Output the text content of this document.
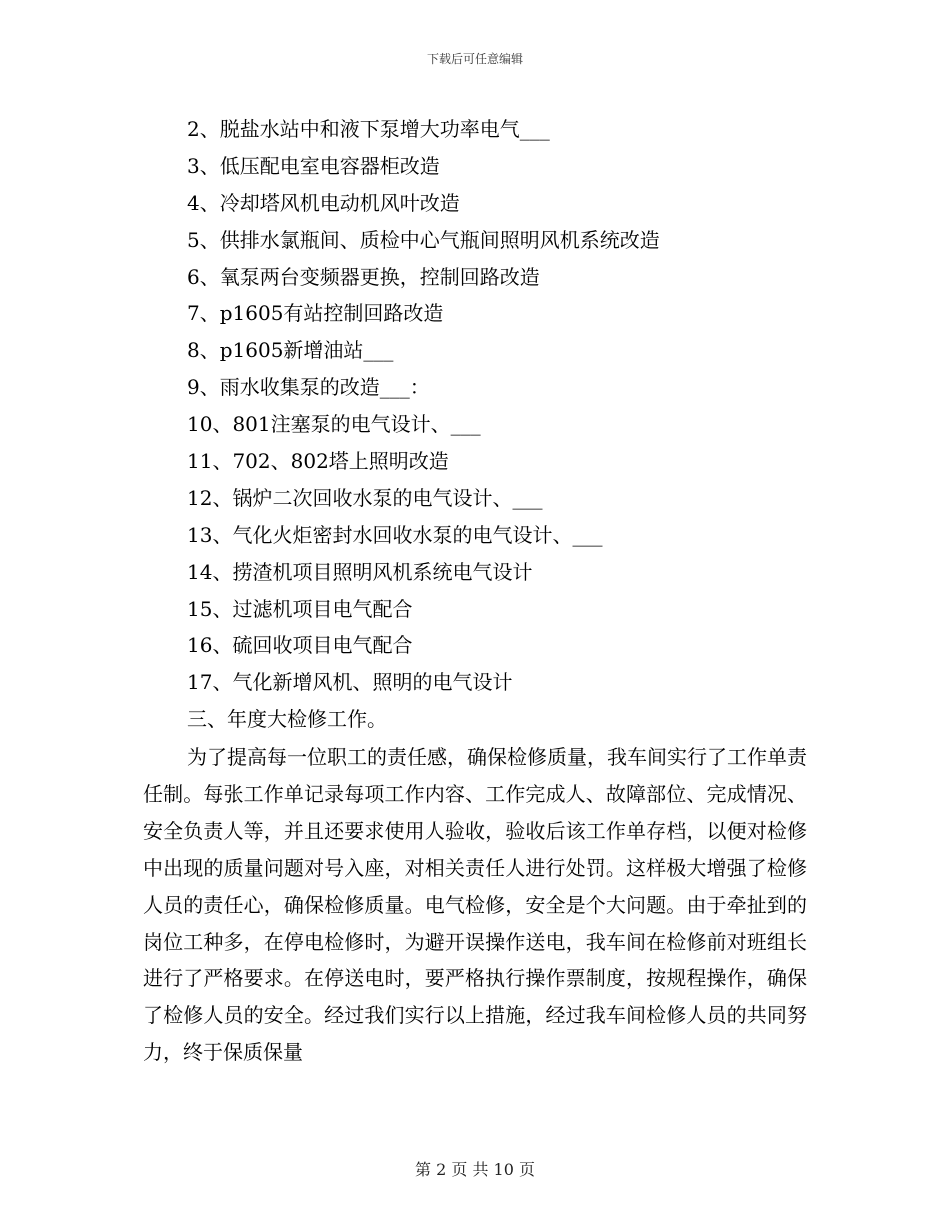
下载后可任意编辑
2、脱盐水站中和液下泵增大功率电气___
3、低压配电室电容器柜改造
4、冷却塔风机电动机风叶改造
5、供排水氯瓶间、质检中心气瓶间照明风机系统改造
6、氧泵两台变频器更换，控制回路改造
7、p1605有站控制回路改造
8、p1605新增油站___
9、雨水收集泵的改造___：
10、801注塞泵的电气设计、___
11、702、802塔上照明改造
12、锅炉二次回收水泵的电气设计、___
13、气化火炬密封水回收水泵的电气设计、___
14、捞渣机项目照明风机系统电气设计
15、过滤机项目电气配合
16、硫回收项目电气配合
17、气化新增风机、照明的电气设计
三、年度大检修工作。
为了提高每一位职工的责任感，确保检修质量，我车间实行了工作单责任制。每张工作单记录每项工作内容、工作完成人、故障部位、完成情况、安全负责人等，并且还要求使用人验收，验收后该工作单存档，以便对检修中出现的质量问题对号入座，对相关责任人进行处罚。这样极大增强了检修人员的责任心，确保检修质量。电气检修，安全是个大问题。由于牵扯到的岗位工种多，在停电检修时，为避开误操作送电，我车间在检修前对班组长进行了严格要求。在停送电时，要严格执行操作票制度，按规程操作，确保了检修人员的安全。经过我们实行以上措施，经过我车间检修人员的共同努力，终于保质保量
第 2 页 共 10 页
